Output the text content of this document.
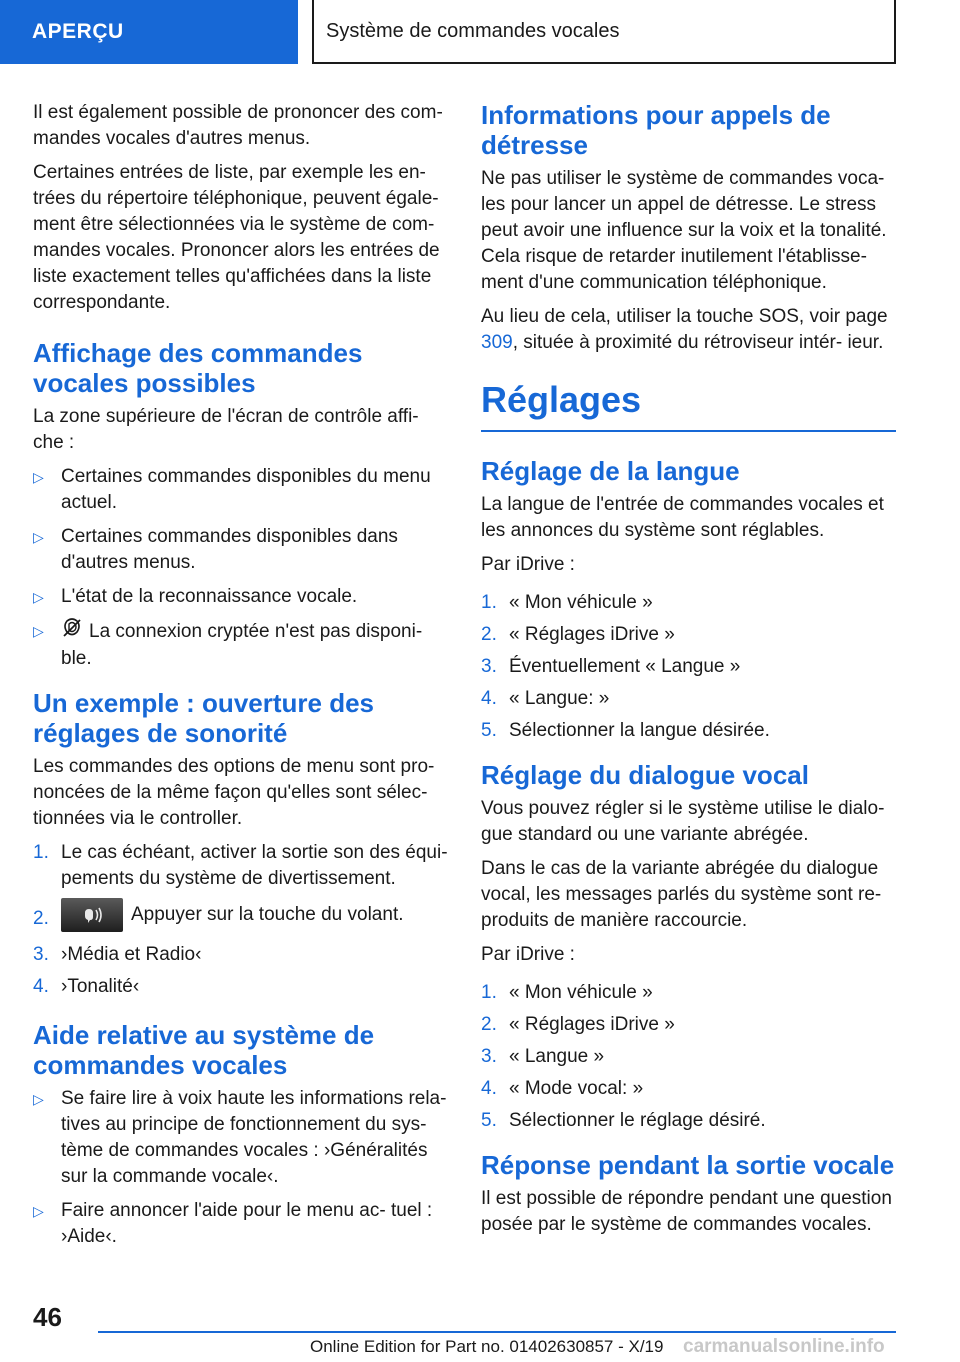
APERÇU	Système de commandes vocales

Il est également possible de prononcer des com‐ mandes vocales d'autres menus.

Certaines entrées de liste, par exemple les en‐ trées du répertoire téléphonique, peuvent égale‐ ment être sélectionnées via le système de com‐ mandes vocales. Prononcer alors les entrées de liste exactement telles qu'affichées dans la liste correspondante.

Affichage des commandes vocales possibles

La zone supérieure de l'écran de contrôle affi‐ che :

▷ Certaines commandes disponibles du menu actuel.
▷ Certaines commandes disponibles dans d'autres menus.
▷ L'état de la reconnaissance vocale.
▷ La connexion cryptée n'est pas disponi‐ ble.
Un exemple : ouverture des réglages de sonorité

Les commandes des options de menu sont pro‐ noncées de la même façon qu'elles sont sélec‐ tionnées via le controller.

1. Le cas échéant, activer la sortie son des équi‐ pements du système de divertissement.
2.	Appuyer sur la touche du volant.
3. ›Média et Radio‹
4. ›Tonalité‹
Aide relative au système de commandes vocales
▷ Se faire lire à voix haute les informations rela‐ tives au principe de fonctionnement du sys‐ tème de commandes vocales : ›Généralités sur la commande vocale‹.
▷ Faire annoncer l'aide pour le menu ac‐ tuel : ›Aide‹.
Informations pour appels de détresse

Ne pas utiliser le système de commandes voca‐ les pour lancer un appel de détresse. Le stress peut avoir une influence sur la voix et la tonalité. Cela risque de retarder inutilement l'établisse‐ ment d'une communication téléphonique.

Au lieu de cela, utiliser la touche SOS, voir page 309, située à proximité du rétroviseur intér‐ ieur.

Réglages
Réglage de la langue

La langue de l'entrée de commandes vocales et les annonces du système sont réglables.

Par iDrive :

1. « Mon véhicule »
2. « Réglages iDrive »
3. Éventuellement « Langue »
4. « Langue: »
5. Sélectionner la langue désirée.
Réglage du dialogue vocal

Vous pouvez régler si le système utilise le dialo‐ gue standard ou une variante abrégée.

Dans le cas de la variante abrégée du dialogue vocal, les messages parlés du système sont re‐ produits de manière raccourcie.

Par iDrive :

1. « Mon véhicule »
2. « Réglages iDrive »
3. « Langue »
4. « Mode vocal: »
5. Sélectionner le réglage désiré.
Réponse pendant la sortie vocale

Il est possible de répondre pendant une question posée par le système de commandes vocales.

46
Online Edition for Part no. 01402630857 - X/19 carmanualsonline.info
